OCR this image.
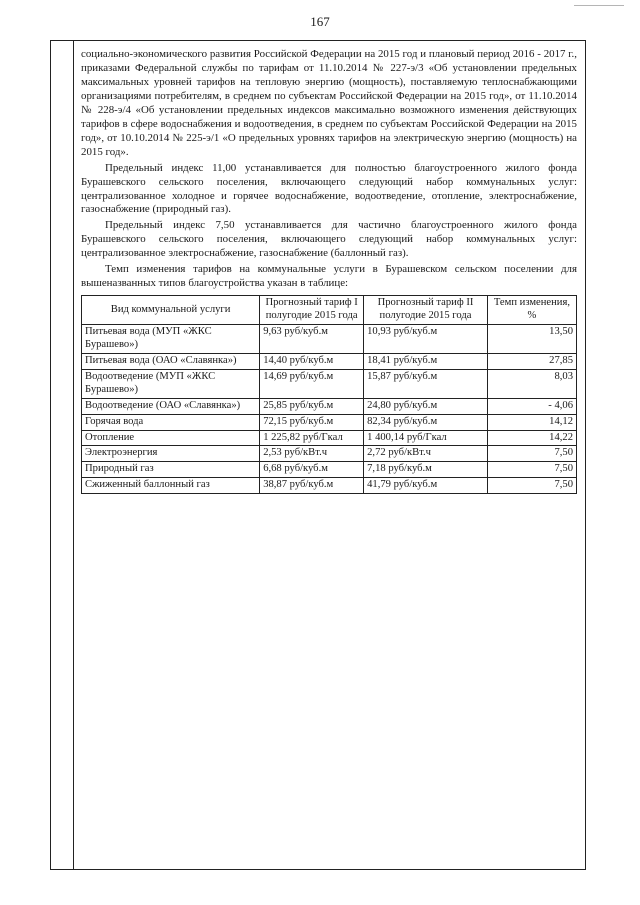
167

социально-экономического развития Российской Федерации на 2015 год и плановый период 2016 - 2017 г., приказами Федеральной службы по тарифам от 11.10.2014 № 227-э/3 «Об установлении предельных максимальных уровней тарифов на тепловую энергию (мощность), поставляемую теплоснабжающими организациями потребителям, в среднем по субъектам Российской Федерации на 2015 год», от 11.10.2014 № 228-э/4 «Об установлении предельных индексов максимально возможного изменения действующих тарифов в сфере водоснабжения и водоотведения, в среднем по субъектам Российской Федерации на 2015 год», от 10.10.2014 № 225-э/1 «О предельных уровнях тарифов на электрическую энергию (мощность) на 2015 год».

Предельный индекс 11,00 устанавливается для полностью благоустроенного жилого фонда Бурашевского сельского поселения, включающего следующий набор коммунальных услуг: централизованное холодное и горячее водоснабжение, водоотведение, отопление, электроснабжение, газоснабжение (природный газ).

Предельный индекс 7,50 устанавливается для частично благоустроенного жилого фонда Бурашевского сельского поселения, включающего следующий набор коммунальных услуг: централизованное электроснабжение, газоснабжение (баллонный газ).

Темп изменения тарифов на коммунальные услуги в Бурашевском сельском поселении для вышеназванных типов благоустройства указан в таблице:

Вид коммунальной услуги	Прогнозный тариф I полугодие 2015 года	Прогнозный тариф II полугодие 2015 года	Темп изменения, %
Питьевая вода (МУП «ЖКС Бурашево»)	9,63 руб/куб.м	10,93 руб/куб.м	13,50
Питьевая вода (ОАО «Славянка»)	14,40 руб/куб.м	18,41 руб/куб.м	27,85
Водоотведение (МУП «ЖКС Бурашево»)	14,69 руб/куб.м	15,87 руб/куб.м	8,03
Водоотведение (ОАО «Славянка»)	25,85 руб/куб.м	24,80 руб/куб.м	- 4,06
Горячая вода	72,15 руб/куб.м	82,34 руб/куб.м	14,12
Отопление	1 225,82 руб/Гкал	1 400,14 руб/Гкал	14,22
Электроэнергия	2,53 руб/кВт.ч	2,72 руб/кВт.ч	7,50
Природный газ	6,68 руб/куб.м	7,18 руб/куб.м	7,50
Сжиженный баллонный газ	38,87 руб/куб.м	41,79 руб/куб.м	7,50
